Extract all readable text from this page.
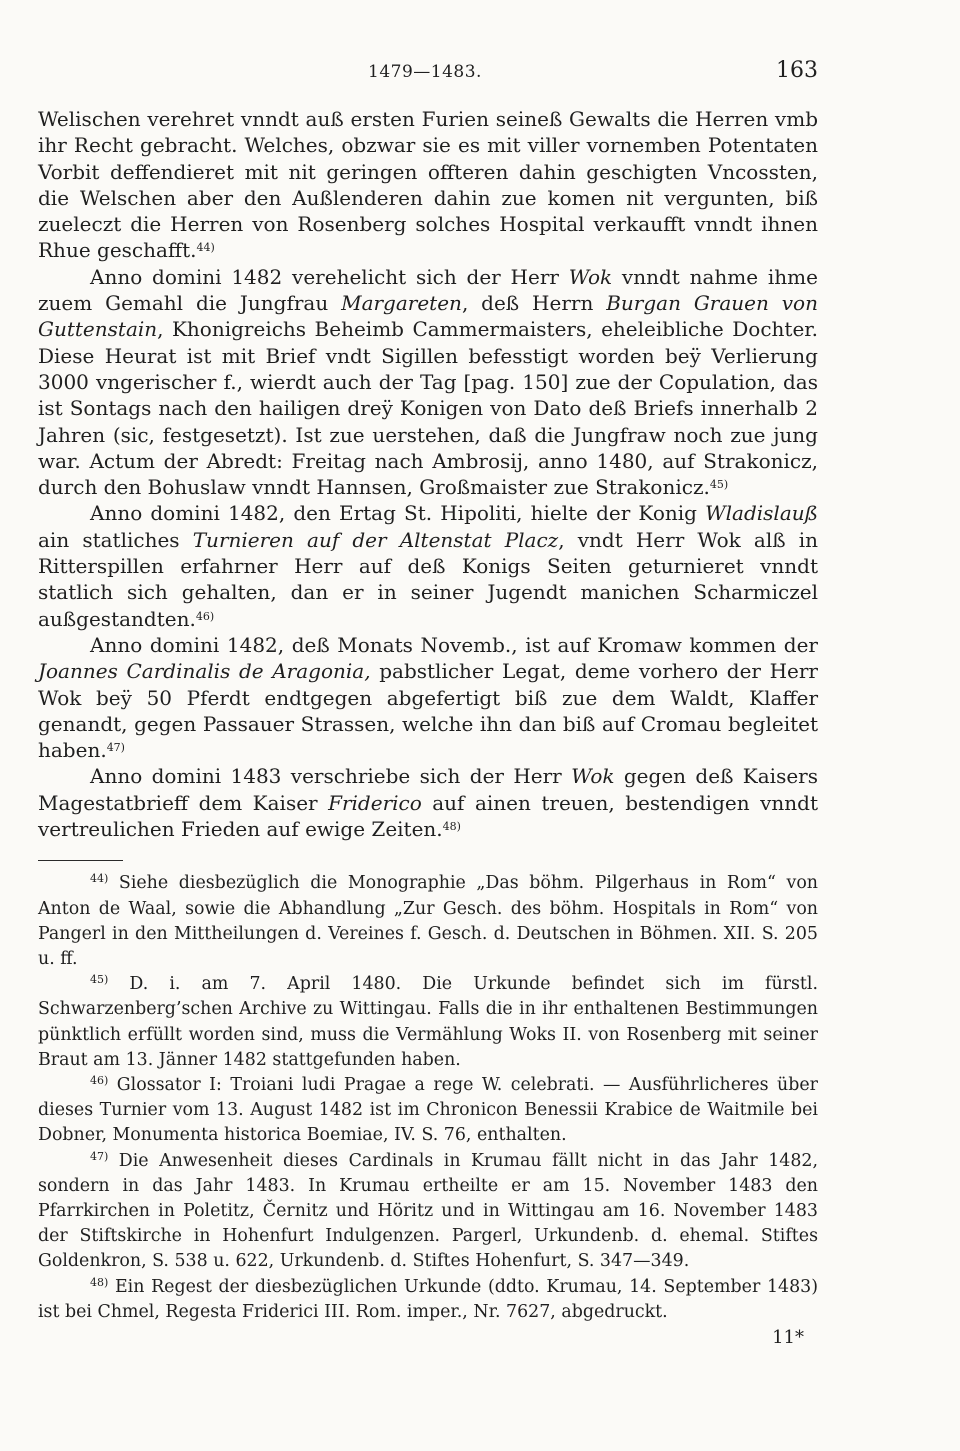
1479—1483.	163

Welischen verehret vnndt auß ersten Furien seineß Gewalts die Herren vmb ihr Recht gebracht. Welches, obzwar sie es mit viller vornemben Potentaten Vorbit deffendieret mit nit geringen offteren dahin geschigten Vncossten, die Welschen aber den Außlenderen dahin zue komen nit vergunten, biß zueleczt die Herren von Rosenberg solches Hospital verkaufft vnndt ihnen Rhue geschafft.$^{44)}$

Anno domini 1482 verehelicht sich der Herr Wok vnndt nahme ihme zuem Gemahl die Jungfrau Margareten, deß Herrn Burgan Grauen von Guttenstain, Khonigreichs Beheimb Cammermaisters, eheleibliche Dochter. Diese Heurat ist mit Brief vndt Sigillen befesstigt worden beÿ Verlierung 3000 vngerischer f., wierdt auch der Tag [pag. 150] zue der Copulation, das ist Sontags nach den hailigen dreÿ Konigen von Dato deß Briefs innerhalb 2 Jahren (sic, festgesetzt). Ist zue uerstehen, daß die Jungfraw noch zue jung war. Actum der Abredt: Freitag nach Ambrosij, anno 1480, auf Strakonicz, durch den Bohuslaw vnndt Hannsen, Großmaister zue Strakonicz.$^{45)}$

Anno domini 1482, den Ertag St. Hipoliti, hielte der Konig Wladislauß ain statliches Turnieren auf der Altenstat Placz, vndt Herr Wok alß in Ritterspillen erfahrner Herr auf deß Konigs Seiten geturnieret vnndt statlich sich gehalten, dan er in seiner Jugendt manichen Scharmiczel außgestandten.$^{46)}$

Anno domini 1482, deß Monats Novemb., ist auf Kromaw kommen der Joannes Cardinalis de Aragonia, pabstlicher Legat, deme vorhero der Herr Wok beÿ 50 Pferdt endtgegen abgefertigt biß zue dem Waldt, Klaffer genandt, gegen Passauer Strassen, welche ihn dan biß auf Cromau begleitet haben.$^{47)}$

Anno domini 1483 verschriebe sich der Herr Wok gegen deß Kaisers Magestatbrieff dem Kaiser Friderico auf ainen treuen, bestendigen vnndt vertreulichen Frieden auf ewige Zeiten.$^{48)}$

$^{44)}$ Siehe diesbezüglich die Monographie „Das böhm. Pilgerhaus in Rom“ von Anton de Waal, sowie die Abhandlung „Zur Gesch. des böhm. Hospitals in Rom“ von Pangerl in den Mittheilungen d. Vereines f. Gesch. d. Deutschen in Böhmen. XII. S. 205 u. ff.

$^{45)}$ D. i. am 7. April 1480. Die Urkunde befindet sich im fürstl. Schwarzenberg’schen Archive zu Wittingau. Falls die in ihr enthaltenen Bestimmungen pünktlich erfüllt worden sind, muss die Vermählung Woks II. von Rosenberg mit seiner Braut am 13. Jänner 1482 stattgefunden haben.

$^{46)}$ Glossator I: Troiani ludi Pragae a rege W. celebrati. — Ausführlicheres über dieses Turnier vom 13. August 1482 ist im Chronicon Benessii Krabice de Waitmile bei Dobner, Monumenta historica Boemiae, IV. S. 76, enthalten.

$^{47)}$ Die Anwesenheit dieses Cardinals in Krumau fällt nicht in das Jahr 1482, sondern in das Jahr 1483. In Krumau ertheilte er am 15. November 1483 den Pfarrkirchen in Poletitz, Černitz und Höritz und in Wittingau am 16. November 1483 der Stiftskirche in Hohenfurt Indulgenzen. Pargerl, Urkundenb. d. ehemal. Stiftes Goldenkron, S. 538 u. 622, Urkundenb. d. Stiftes Hohenfurt, S. 347—349.

$^{48)}$ Ein Regest der diesbezüglichen Urkunde (ddto. Krumau, 14. September 1483) ist bei Chmel, Regesta Friderici III. Rom. imper., Nr. 7627, abgedruckt.

11*
